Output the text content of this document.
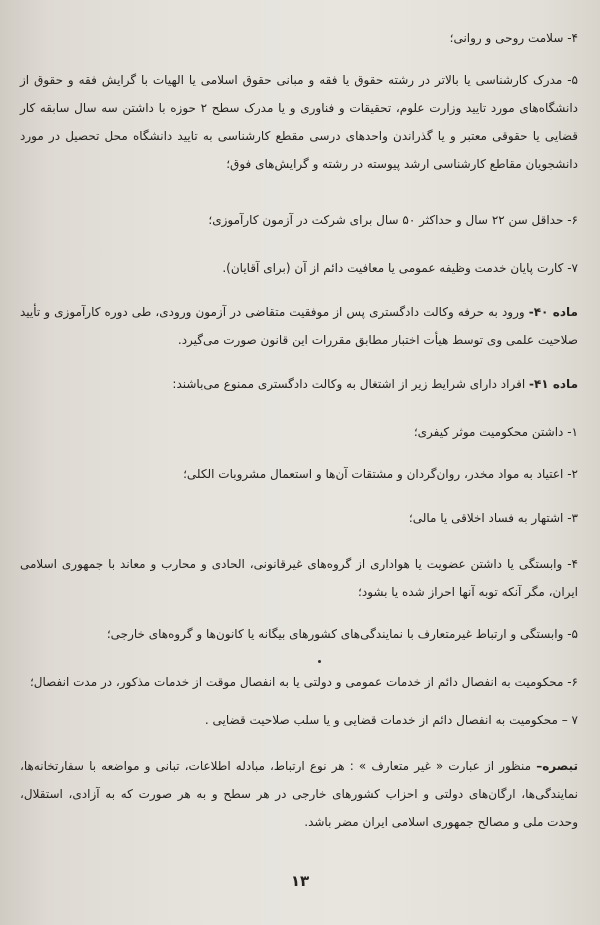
۴- سلامت روحی و روانی؛

۵- مدرک کارشناسی یا بالاتر در رشته حقوق یا فقه و مبانی حقوق اسلامی یا الهیات با گرایش فقه و حقوق از دانشگاه‌های مورد تایید وزارت علوم، تحقیقات و فناوری و یا مدرک سطح ۲ حوزه با داشتن سه سال سابقه کار قضایی یا حقوقی معتبر و یا گذراندن واحدهای درسی مقطع کارشناسی به تایید دانشگاه محل تحصیل در مورد دانشجویان مقاطع کارشناسی ارشد پیوسته در رشته و گرایش‌های فوق؛

۶- حداقل سن ۲۲ سال و حداکثر ۵۰ سال برای شرکت در آزمون کارآموزی؛

۷- کارت پایان خدمت وظیفه عمومی یا معافیت دائم از آن (برای آقایان).

ماده ۴۰- ورود به حرفه وکالت دادگستری پس از موفقیت متقاضی در آزمون ورودی، طی دوره کارآموزی و تأیید صلاحیت علمی وی توسط هیأت اختبار مطابق مقررات این قانون صورت می‌گیرد.

ماده ۴۱- افراد دارای شرایط زیر از اشتغال به وکالت دادگستری ممنوع می‌باشند:

۱- داشتن محکومیت موثر کیفری؛

۲- اعتیاد به مواد مخدر، روان‌گردان و مشتقات آن‌ها و استعمال مشروبات الکلی؛

۳- اشتهار به فساد اخلاقی یا مالی؛

۴- وابستگی یا داشتن عضویت یا هواداری از گروه‌های غیرقانونی، الحادی و محارب و معاند با جمهوری اسلامی ایران، مگر آنکه توبه آنها احراز شده یا بشود؛

۵- وابستگی و ارتباط غیرمتعارف با نمایندگی‌های کشورهای بیگانه یا کانون‌ها و گروه‌های خارجی؛

۶- محکومیت به انفصال دائم از خدمات عمومی و دولتی یا به انفصال موقت از خدمات مذکور، در مدت انفصال؛

۷ – محکومیت به انفصال دائم از خدمات قضایی و یا سلب صلاحیت قضایی .

تبصره– منظور از عبارت « غیر متعارف » : هر نوع ارتباط، مبادله اطلاعات، تبانی و مواضعه با سفارتخانه‌ها، نمایندگی‌ها، ارگان‌های دولتی و احزاب کشورهای خارجی در هر سطح و به هر صورت که به آزادی، استقلال، وحدت ملی و مصالح جمهوری اسلامی ایران مضر باشد.

۱۳
